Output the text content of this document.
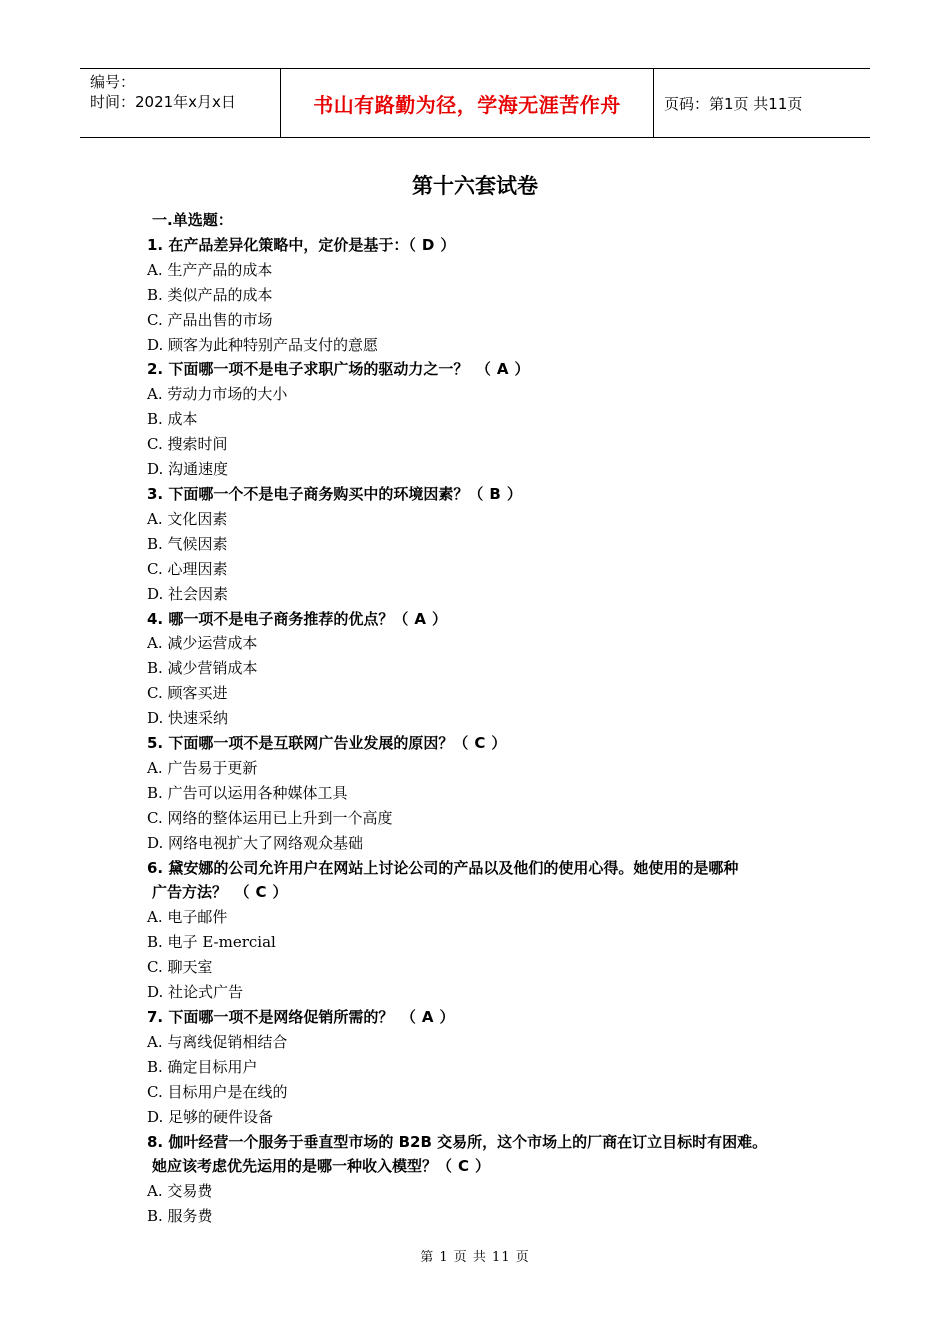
编号：
时间：2021年x月x日	书山有路勤为径，学海无涯苦作舟	页码：第1页 共11页
第十六套试卷
一.单选题：
1. 在产品差异化策略中，定价是基于：（ D ）
A. 生产产品的成本
B. 类似产品的成本
C. 产品出售的市场
D. 顾客为此种特别产品支付的意愿
2. 下面哪一项不是电子求职广场的驱动力之一？　（ A ）
A. 劳动力市场的大小
B. 成本
C. 搜索时间
D. 沟通速度
3. 下面哪一个不是电子商务购买中的环境因素？（ B ）
A. 文化因素
B. 气候因素
C. 心理因素
D. 社会因素
4. 哪一项不是电子商务推荐的优点？（ A ）
A. 减少运营成本
B. 减少营销成本
C. 顾客买进
D. 快速采纳
5. 下面哪一项不是互联网广告业发展的原因？（ C ）
A. 广告易于更新
B. 广告可以运用各种媒体工具
C. 网络的整体运用已上升到一个高度
D. 网络电视扩大了网络观众基础
6. 黛安娜的公司允许用户在网站上讨论公司的产品以及他们的使用心得。她使用的是哪种
广告方法？　（ C ）
A. 电子邮件
B. 电子 E-mercial
C. 聊天室
D. 社论式广告
7. 下面哪一项不是网络促销所需的？　（ A ）
A. 与离线促销相结合
B. 确定目标用户
C. 目标用户是在线的
D. 足够的硬件设备
8. 伽叶经营一个服务于垂直型市场的 B2B 交易所，这个市场上的厂商在订立目标时有困难。
她应该考虑优先运用的是哪一种收入模型？（ C ）
A. 交易费
B. 服务费
第 1 页 共 11 页
